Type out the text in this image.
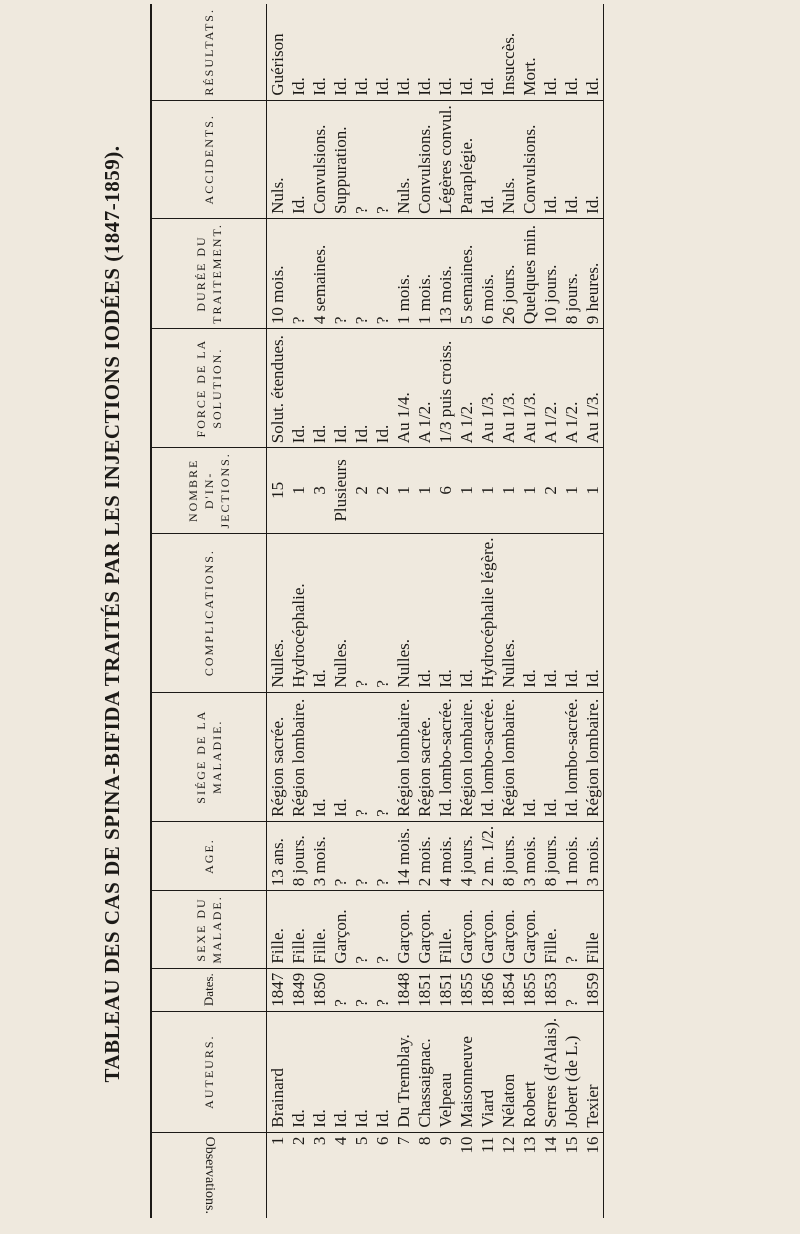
TABLEAU DES CAS DE SPINA-BIFIDA TRAITÉS PAR LES INJECTIONS IODÉES (1847-1859).
Observations.	AUTEURS.	Dates.	SEXE DU MALADE.	AGE.	SIÉGE DE LA MALADIE.	COMPLICATIONS.	NOMBRE D'IN-JECTIONS.	FORCE DE LA SOLUTION.	DURÉE DU TRAITEMENT.	ACCIDENTS.	RÉSULTATS.
1	Brainard	1847	Fille.	13 ans.	Région sacrée.	Nulles.	15	Solut. étendues.	10 mois.	Nuls.	Guérison
2	Id.	1849	Fille.	8 jours.	Région lombaire.	Hydrocéphalie.	1	Id.	?	Id.	Id.
3	Id.	1850	Fille.	3 mois.	Id.	Id.	3	Id.	4 semaines.	Convulsions.	Id.
4	Id.	?	Garçon.	?	Id.	Nulles.	Plusieurs	Id.	?	Suppuration.	Id.
5	Id.	?	?	?	?	?	2	Id.	?	?	Id.
6	Id.	?	?	?	?	?	2	Id.	?	?	Id.
7	Du Tremblay.	1848	Garçon.	14 mois.	Région lombaire.	Nulles.	1	Au 1/4.	1 mois.	Nuls.	Id.
8	Chassaignac.	1851	Garçon.	2 mois.	Région sacrée.	Id.	1	A 1/2.	1 mois.	Convulsions.	Id.
9	Velpeau	1851	Fille.	4 mois.	Id. lombo-sacrée.	Id.	6	1/3 puis croiss.	13 mois.	Légères convul.	Id.
10	Maisonneuve	1855	Garçon.	4 jours.	Région lombaire.	Id.	1	A 1/2.	5 semaines.	Paraplégie.	Id.
11	Viard	1856	Garçon.	2 m. 1/2.	Id. lombo-sacrée.	Hydrocéphalie légère.	1	Au 1/3.	6 mois.	Id.	Id.
12	Nélaton	1854	Garçon.	8 jours.	Région lombaire.	Nulles.	1	Au 1/3.	26 jours.	Nuls.	Insuccès.
13	Robert	1855	Garçon.	3 mois.	Id.	Id.	1	Au 1/3.	Quelques min.	Convulsions.	Mort.
14	Serres (d'Alais).	1853	Fille.	8 jours.	Id.	Id.	2	A 1/2.	10 jours.	Id.	Id.
15	Jobert (de L.)	?	?	1 mois.	Id. lombo-sacrée.	Id.	1	A 1/2.	8 jours.	Id.	Id.
16	Texier	1859	Fille	3 mois.	Région lombaire.	Id.	1	Au 1/3.	9 heures.	Id.	Id.
